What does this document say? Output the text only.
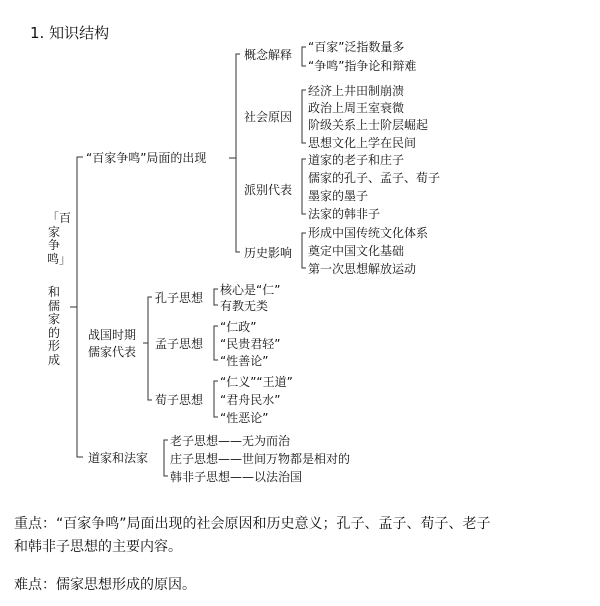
1. 知识结构
「百家争鸣」
和儒家的形成
“百家争鸣”局面的出现
概念解释
“百家”泛指数量多
“争鸣”指争论和辩难
社会原因
经济上井田制崩溃
政治上周王室衰微
阶级关系上士阶层崛起
思想文化上学在民间
派别代表
道家的老子和庄子
儒家的孔子、孟子、荀子
墨家的墨子
法家的韩非子
历史影响
形成中国传统文化体系
奠定中国文化基础
第一次思想解放运动
战国时期
儒家代表
孔子思想
核心是“仁”
有教无类
孟子思想
“仁政”
“民贵君轻”
“性善论”
荀子思想
“仁义”“王道”
“君舟民水”
“性恶论”
道家和法家
老子思想——无为而治
庄子思想——世间万物都是相对的
韩非子思想——以法治国
重点：“百家争鸣”局面出现的社会原因和历史意义；孔子、孟子、荀子、老子
和韩非子思想的主要内容。
难点：儒家思想形成的原因。
